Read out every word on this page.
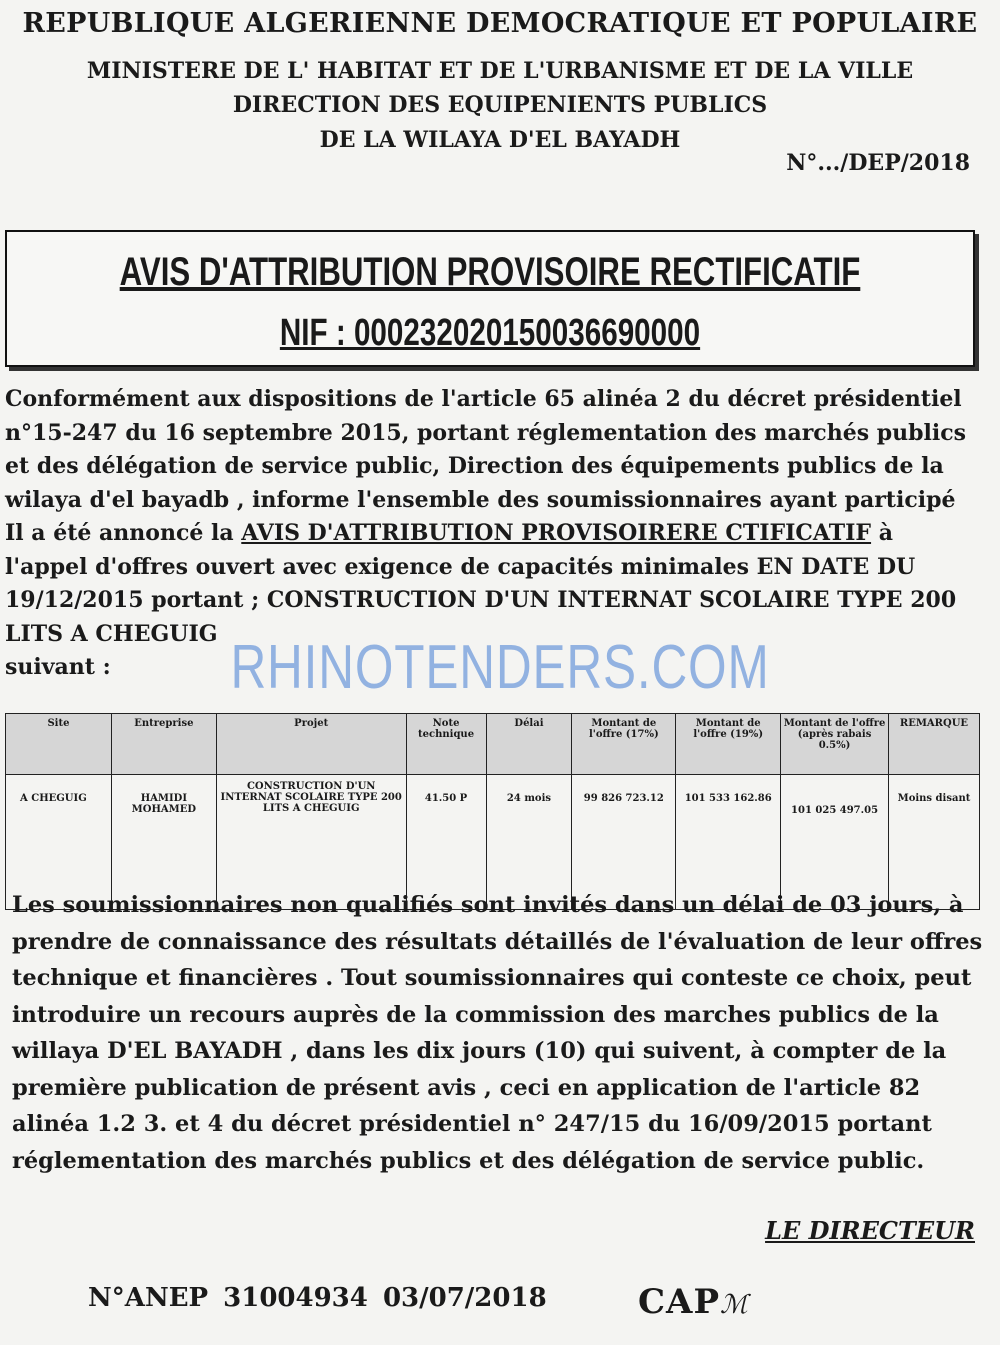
REPUBLIQUE ALGERIENNE DEMOCRATIQUE ET POPULAIRE
MINISTERE DE L' HABITAT ET DE L'URBANISME ET DE LA VILLE
DIRECTION DES EQUIPENIENTS PUBLICS
DE LA WILAYA D'EL BAYADH
N°.../DEP/2018
AVIS D'ATTRIBUTION PROVISOIRE RECTIFICATIF
NIF : 000232020150036690000
Conformément aux dispositions de l'article 65 alinéa 2 du décret présidentiel n°15-247 du 16 septembre 2015, portant réglementation des marchés publics et des délégation de service public, Direction des équipements publics de la wilaya d'el bayadb , informe l'ensemble des soumissionnaires ayant participé Il a été annoncé la AVIS D'ATTRIBUTION PROVISOIRERE CTIFICATIF à l'appel d'offres ouvert avec exigence de capacités minimales EN DATE DU 19/12/2015 portant ; CONSTRUCTION D'UN INTERNAT SCOLAIRE TYPE 200 LITS A CHEGUIG
suivant :	RHINOTENDERS.COM
Site	Entreprise	Projet	Note technique	Délai	Montant de l'offre (17%)	Montant de l'offre (19%)	Montant de l'offre (après rabais 0.5%)	REMARQUE
A CHEGUIG	HAMIDI MOHAMED	CONSTRUCTION D'UN INTERNAT SCOLAIRE TYPE 200 LITS A CHEGUIG	41.50 P	24 mois	99 826 723.12	101 533 162.86	101 025 497.05	Moins disant
Les soumissionnaires non qualifiés sont invités dans un délai de 03 jours, à prendre de connaissance des résultats détaillés de l'évaluation de leur offres technique et financières . Tout soumissionnaires qui conteste ce choix, peut introduire un recours auprès de la commission des marches publics de la willaya D'EL BAYADH , dans les dix jours (10) qui suivent, à compter de la première publication de présent avis , ceci en application de l'article 82 alinéa 1.2 3. et 4 du décret présidentiel n° 247/15 du 16/09/2015 portant réglementation des marchés publics et des délégation de service public.
LE DIRECTEUR
N°ANEP 31004934 03/07/2018	CAPℳ
